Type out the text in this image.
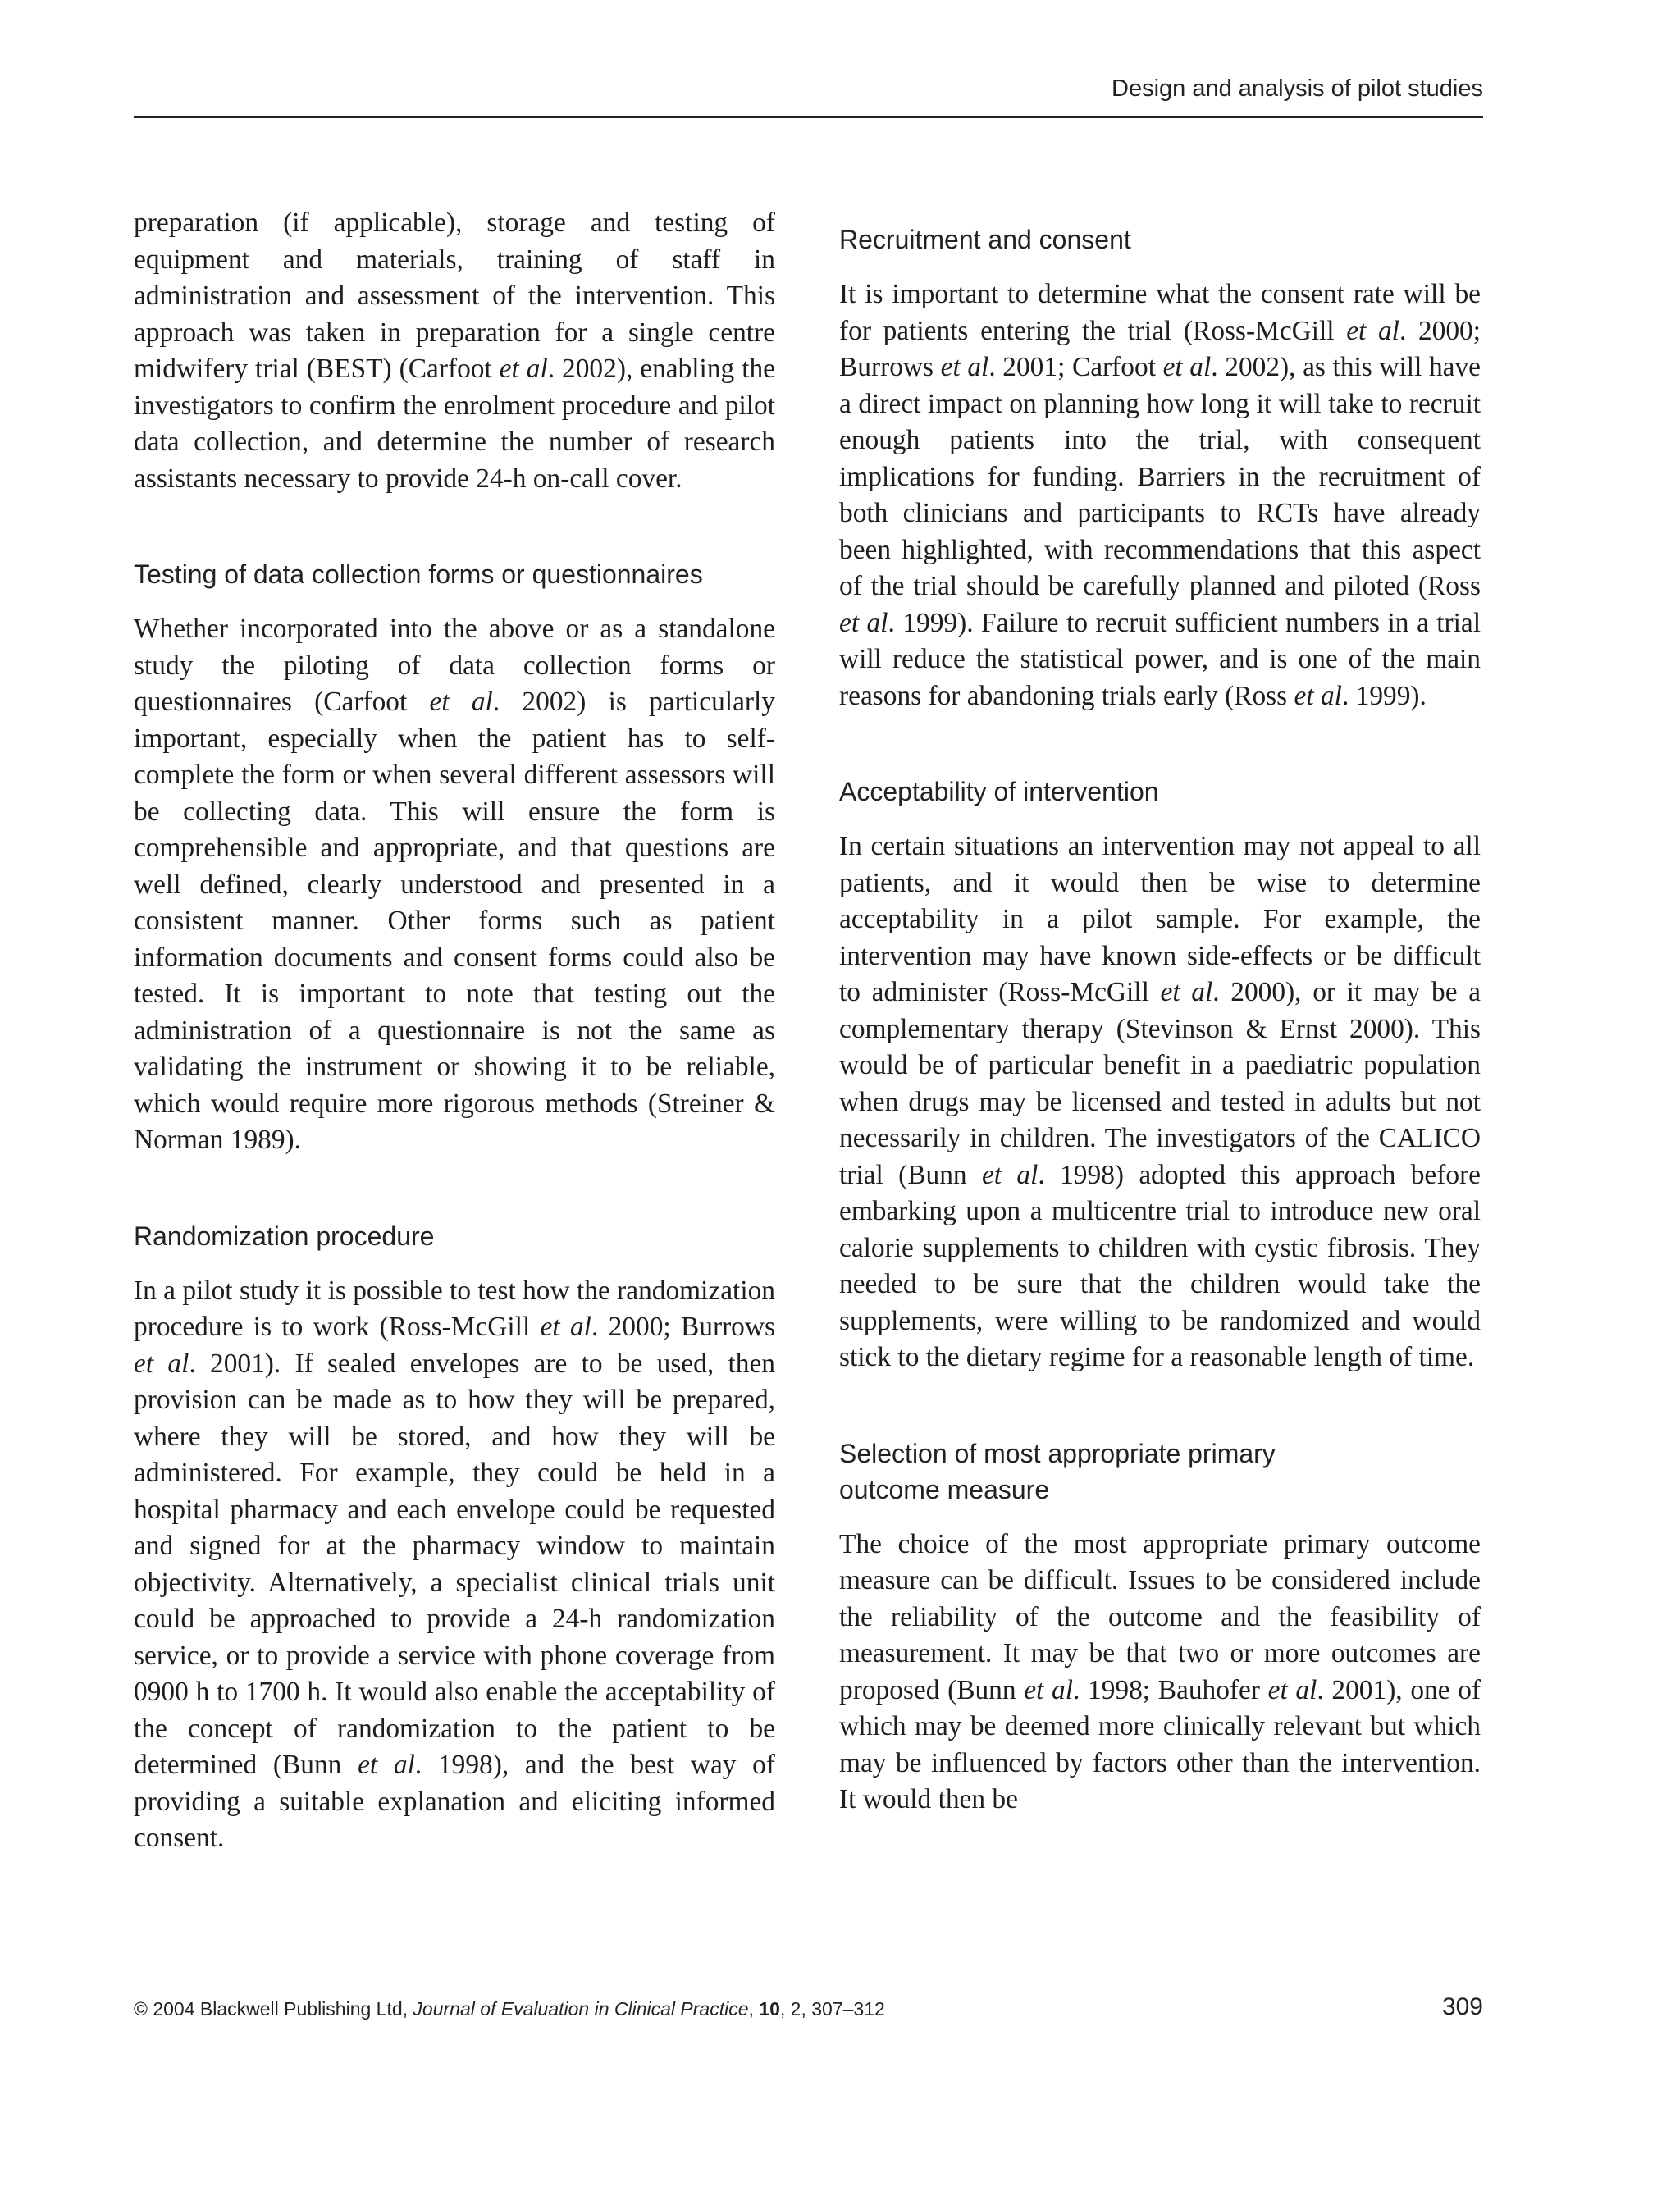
Design and analysis of pilot studies

preparation (if applicable), storage and testing of equipment and materials, training of staff in administration and assessment of the intervention. This approach was taken in preparation for a single centre midwifery trial (BEST) (Carfoot et al. 2002), enabling the investigators to confirm the enrolment procedure and pilot data collection, and determine the number of research assistants necessary to provide 24-h on-call cover.

Testing of data collection forms or questionnaires

Whether incorporated into the above or as a standalone study the piloting of data collection forms or questionnaires (Carfoot et al. 2002) is particularly important, especially when the patient has to self-complete the form or when several different assessors will be collecting data. This will ensure the form is comprehensible and appropriate, and that questions are well defined, clearly understood and presented in a consistent manner. Other forms such as patient information documents and consent forms could also be tested. It is important to note that testing out the administration of a questionnaire is not the same as validating the instrument or showing it to be reliable, which would require more rigorous methods (Streiner & Norman 1989).

Randomization procedure

In a pilot study it is possible to test how the randomization procedure is to work (Ross-McGill et al. 2000; Burrows et al. 2001). If sealed envelopes are to be used, then provision can be made as to how they will be prepared, where they will be stored, and how they will be administered. For example, they could be held in a hospital pharmacy and each envelope could be requested and signed for at the pharmacy window to maintain objectivity. Alternatively, a specialist clinical trials unit could be approached to provide a 24-h randomization service, or to provide a service with phone coverage from 0900 h to 1700 h. It would also enable the acceptability of the concept of randomization to the patient to be determined (Bunn et al. 1998), and the best way of providing a suitable explanation and eliciting informed consent.

Recruitment and consent

It is important to determine what the consent rate will be for patients entering the trial (Ross-McGill et al. 2000; Burrows et al. 2001; Carfoot et al. 2002), as this will have a direct impact on planning how long it will take to recruit enough patients into the trial, with consequent implications for funding. Barriers in the recruitment of both clinicians and participants to RCTs have already been highlighted, with recommendations that this aspect of the trial should be carefully planned and piloted (Ross et al. 1999). Failure to recruit sufficient numbers in a trial will reduce the statistical power, and is one of the main reasons for abandoning trials early (Ross et al. 1999).

Acceptability of intervention

In certain situations an intervention may not appeal to all patients, and it would then be wise to determine acceptability in a pilot sample. For example, the intervention may have known side-effects or be difficult to administer (Ross-McGill et al. 2000), or it may be a complementary therapy (Stevinson & Ernst 2000). This would be of particular benefit in a paediatric population when drugs may be licensed and tested in adults but not necessarily in children. The investigators of the CALICO trial (Bunn et al. 1998) adopted this approach before embarking upon a multicentre trial to introduce new oral calorie supplements to children with cystic fibrosis. They needed to be sure that the children would take the supplements, were willing to be randomized and would stick to the dietary regime for a reasonable length of time.

Selection of most appropriate primary
outcome measure

The choice of the most appropriate primary outcome measure can be difficult. Issues to be considered include the reliability of the outcome and the feasibility of measurement. It may be that two or more outcomes are proposed (Bunn et al. 1998; Bauhofer et al. 2001), one of which may be deemed more clinically relevant but which may be influenced by factors other than the intervention. It would then be

© 2004 Blackwell Publishing Ltd, Journal of Evaluation in Clinical Practice, 10, 2, 307–312	309
